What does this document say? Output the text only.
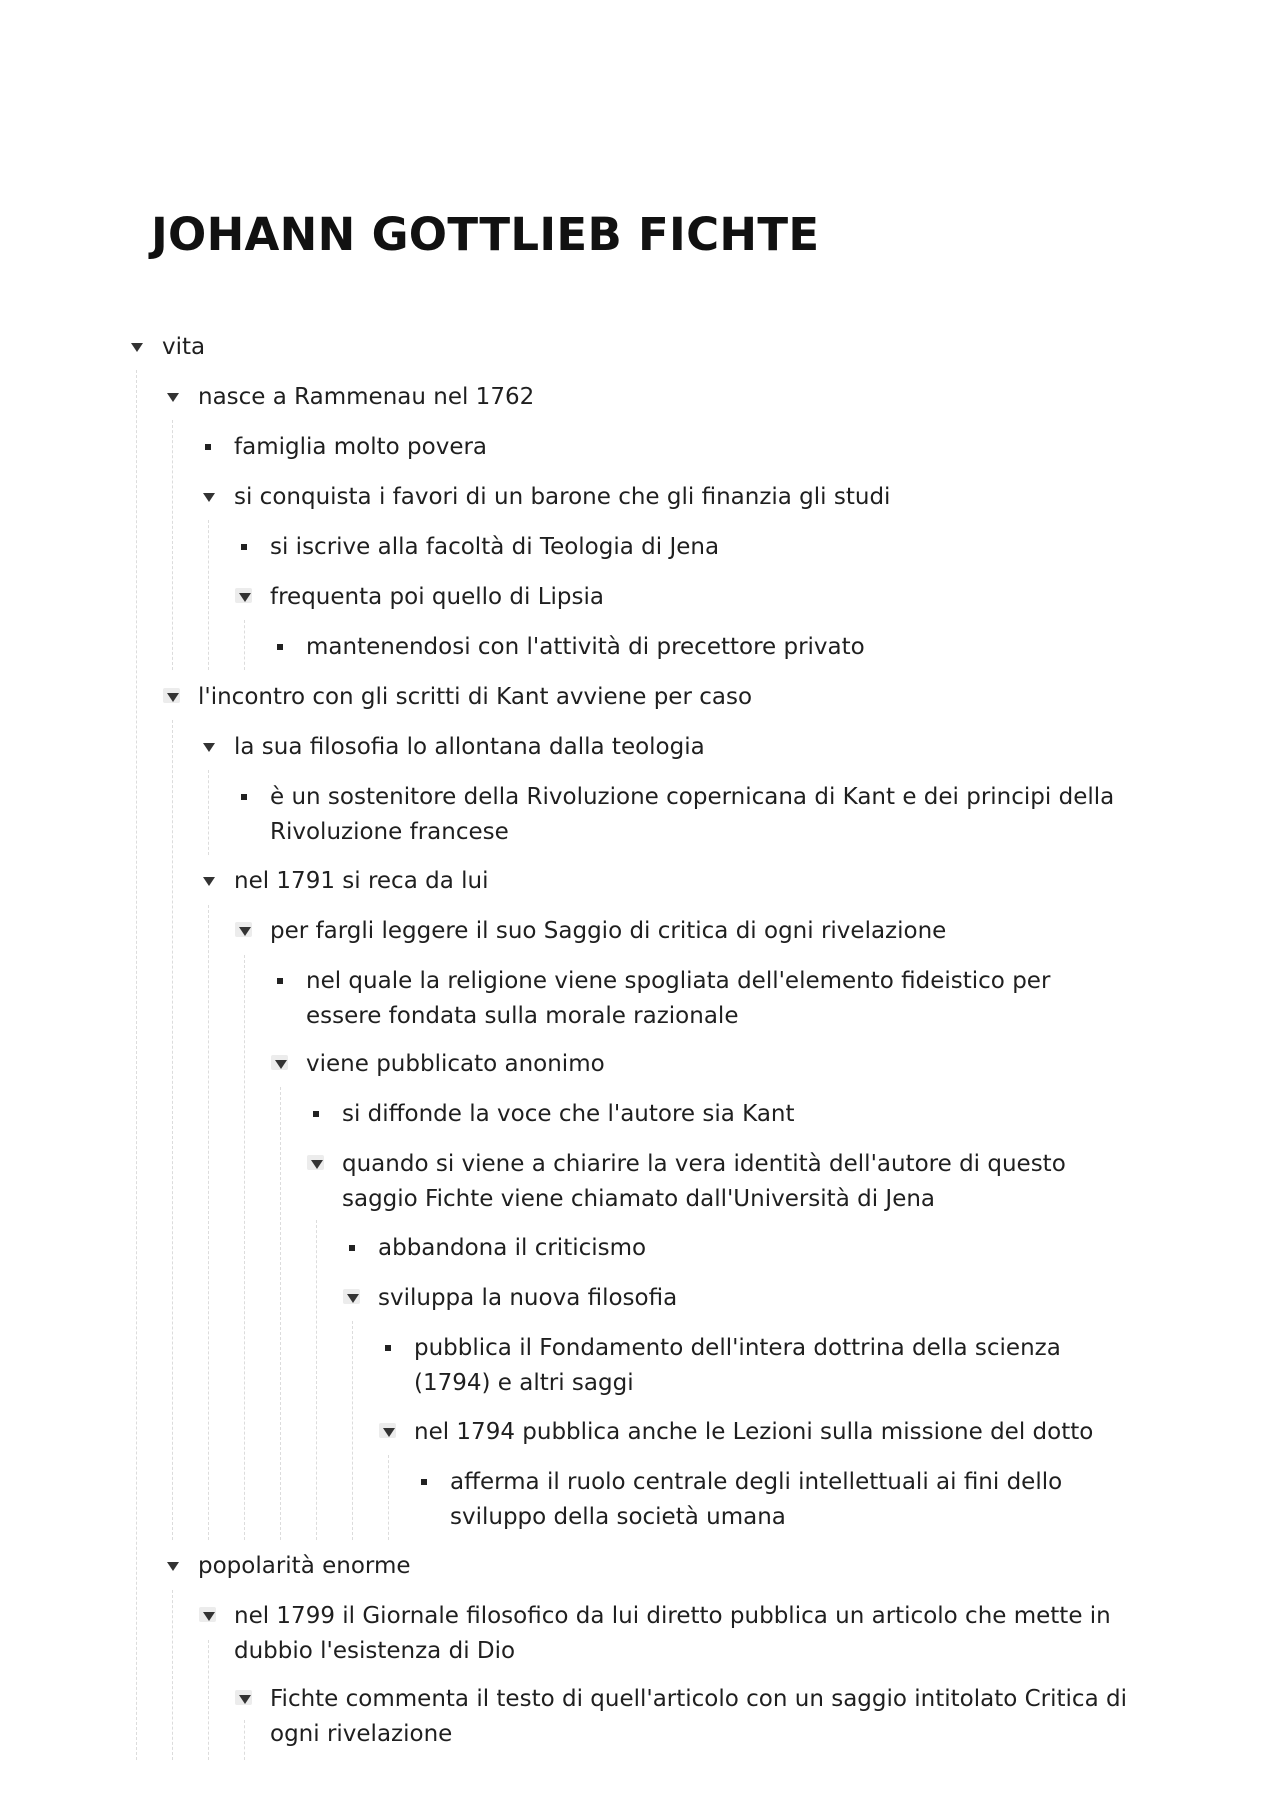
JOHANN GOTTLIEB FICHTE
vita
nasce a Rammenau nel 1762
famiglia molto povera
si conquista i favori di un barone che gli finanzia gli studi
si iscrive alla facoltà di Teologia di Jena
frequenta poi quello di Lipsia
mantenendosi con l'attività di precettore privato
l'incontro con gli scritti di Kant avviene per caso
la sua filosofia lo allontana dalla teologia
è un sostenitore della Rivoluzione copernicana di Kant e dei principi della Rivoluzione francese
nel 1791 si reca da lui
per fargli leggere il suo Saggio di critica di ogni rivelazione
nel quale la religione viene spogliata dell'elemento fideistico per essere fondata sulla morale razionale
viene pubblicato anonimo
si diffonde la voce che l'autore sia Kant
quando si viene a chiarire la vera identità dell'autore di questo saggio Fichte viene chiamato dall'Università di Jena
abbandona il criticismo
sviluppa la nuova filosofia
pubblica il Fondamento dell'intera dottrina della scienza (1794) e altri saggi
nel 1794 pubblica anche le Lezioni sulla missione del dotto
afferma il ruolo centrale degli intellettuali ai fini dello sviluppo della società umana
popolarità enorme
nel 1799 il Giornale filosofico da lui diretto pubblica un articolo che mette in dubbio l'esistenza di Dio
Fichte commenta il testo di quell'articolo con un saggio intitolato Critica di ogni rivelazione
